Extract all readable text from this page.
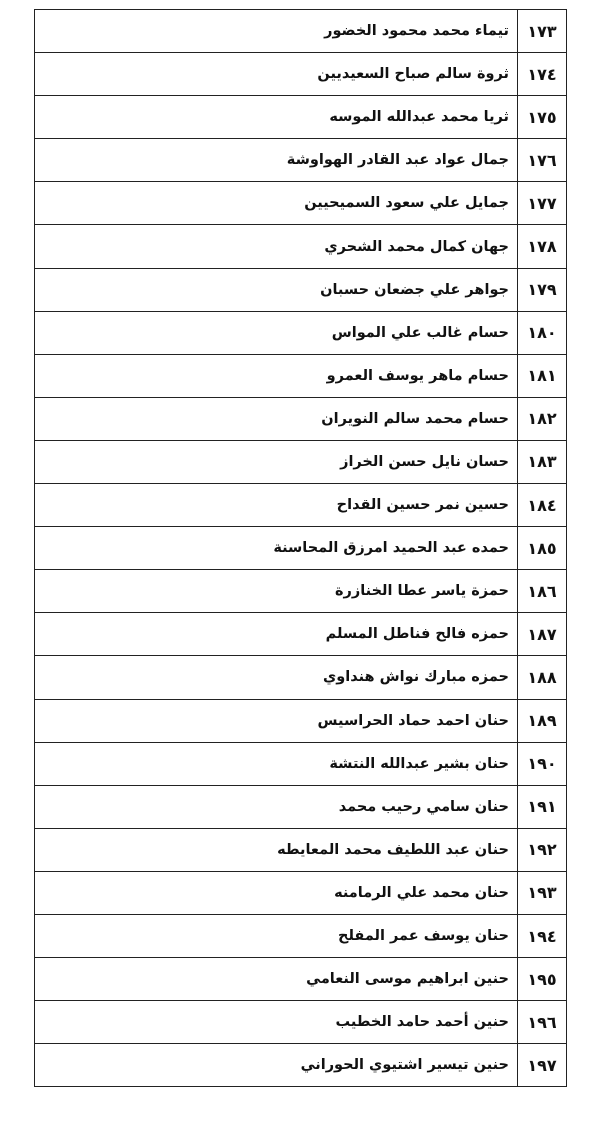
١٧٣	تيماء محمد محمود الخضور
١٧٤	ثروة سالم صباح السعيديين
١٧٥	ثريا محمد عبدالله الموسه
١٧٦	جمال عواد عبد القادر الهواوشة
١٧٧	جمايل علي سعود السميحيين
١٧٨	جهان كمال محمد الشحري
١٧٩	جواهر علي جضعان حسبان
١٨٠	حسام غالب علي المواس
١٨١	حسام ماهر يوسف العمرو
١٨٢	حسام محمد سالم النويران
١٨٣	حسان نايل حسن الخراز
١٨٤	حسين نمر حسين القداح
١٨٥	حمده عبد الحميد امرزق المحاسنة
١٨٦	حمزة ياسر عطا الخنازرة
١٨٧	حمزه فالح فناطل المسلم
١٨٨	حمزه مبارك نواش هنداوي
١٨٩	حنان احمد حماد الحراسيس
١٩٠	حنان بشير عبدالله النتشة
١٩١	حنان سامي رحيب محمد
١٩٢	حنان عبد اللطيف محمد المعايطه
١٩٣	حنان محمد علي الرمامنه
١٩٤	حنان يوسف عمر المفلح
١٩٥	حنين ابراهيم موسى النعامي
١٩٦	حنين أحمد حامد الخطيب
١٩٧	حنين تيسير اشتيوي الحوراني
